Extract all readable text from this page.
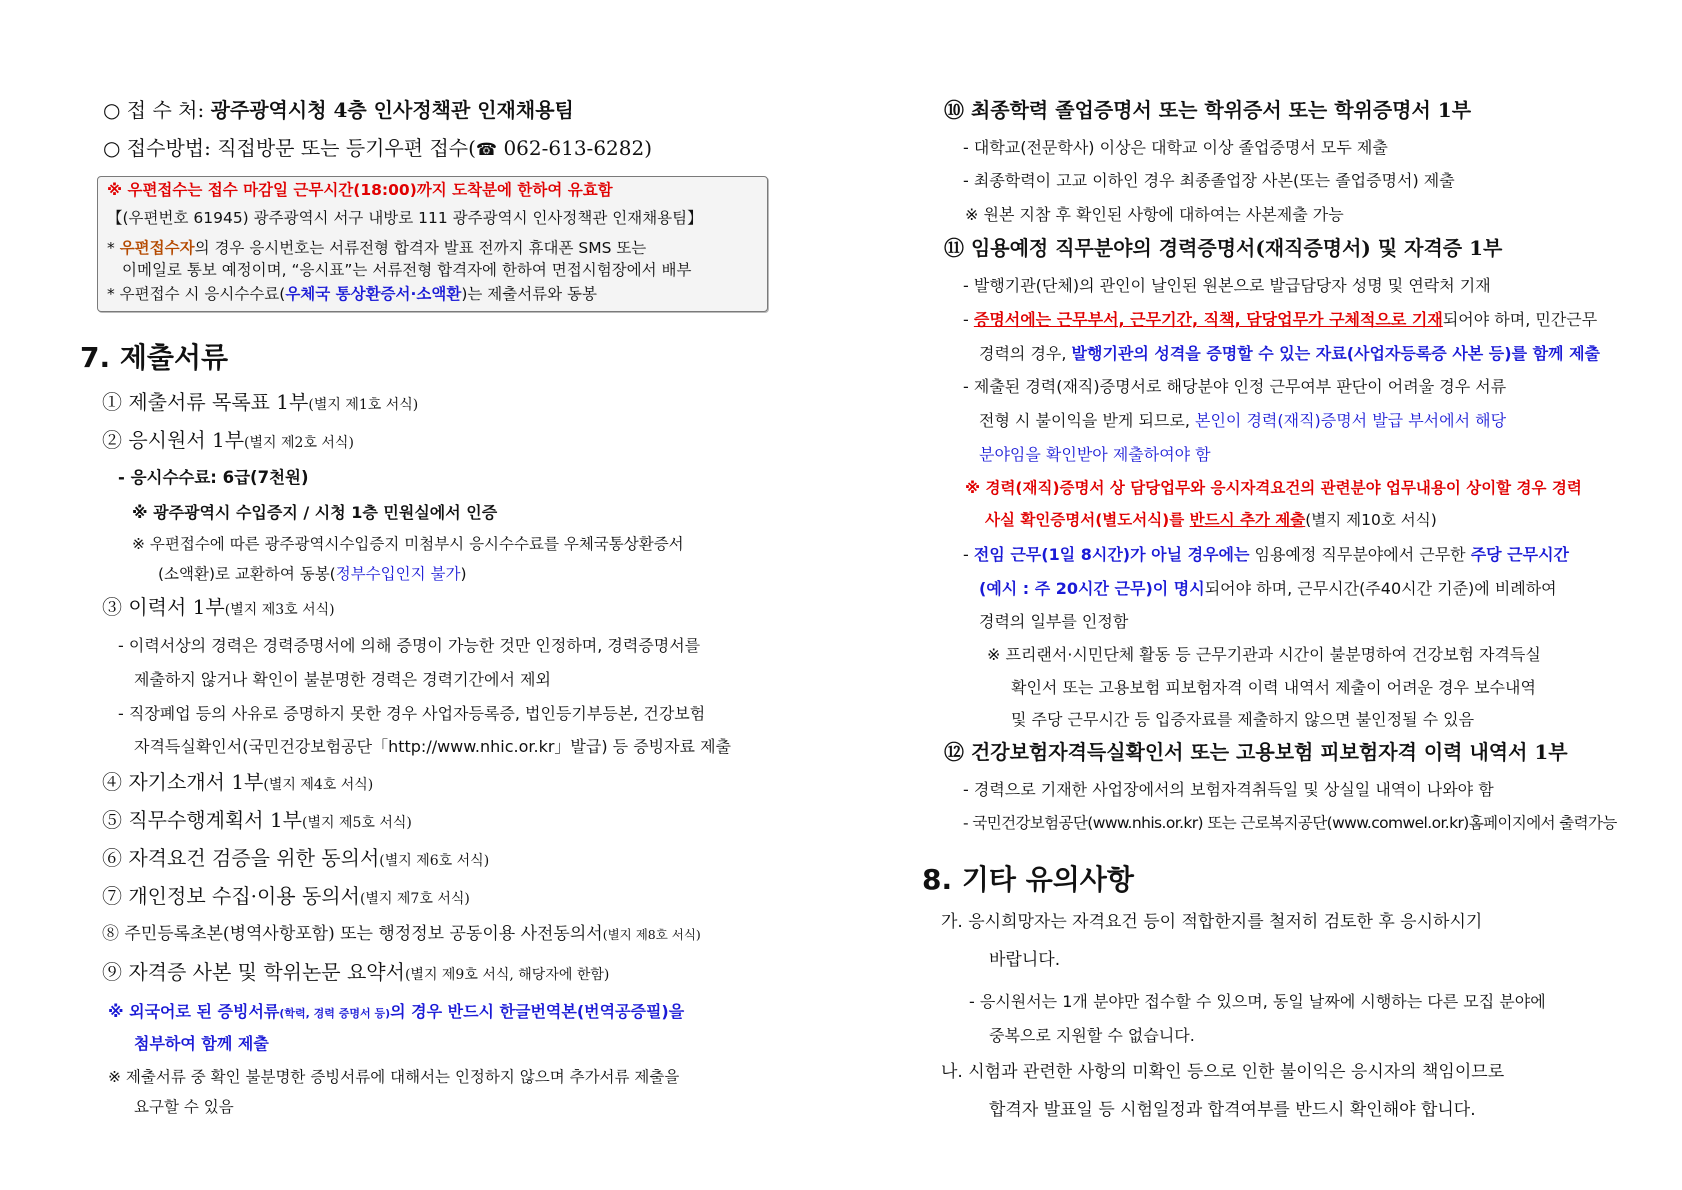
○ 접 수 처: 광주광역시청 4층 인사정책관 인재채용팀
○ 접수방법: 직접방문 또는 등기우편 접수(☎ 062-613-6282)
※ 우편접수는 접수 마감일 근무시간(18:00)까지 도착분에 한하여 유효함
【(우편번호 61945) 광주광역시 서구 내방로 111 광주광역시 인사정책관 인재채용팀】
* 우편접수자의 경우 응시번호는 서류전형 합격자 발표 전까지 휴대폰 SMS 또는
이메일로 통보 예정이며, “응시표”는 서류전형 합격자에 한하여 면접시험장에서 배부
* 우편접수 시 응시수수료(우체국 통상환증서·소액환)는 제출서류와 동봉
7. 제출서류
① 제출서류 목록표 1부(별지 제1호 서식)
② 응시원서 1부(별지 제2호 서식)
- 응시수수료: 6급(7천원)
※ 광주광역시 수입증지 / 시청 1층 민원실에서 인증
※ 우편접수에 따른 광주광역시수입증지 미첨부시 응시수수료를 우체국통상환증서
(소액환)로 교환하여 동봉(정부수입인지 불가)
③ 이력서 1부(별지 제3호 서식)
- 이력서상의 경력은 경력증명서에 의해 증명이 가능한 것만 인정하며, 경력증명서를
제출하지 않거나 확인이 불분명한 경력은 경력기간에서 제외
- 직장폐업 등의 사유로 증명하지 못한 경우 사업자등록증, 법인등기부등본, 건강보험
자격득실확인서(국민건강보험공단「http://www.nhic.or.kr」발급) 등 증빙자료 제출
④ 자기소개서 1부(별지 제4호 서식)
⑤ 직무수행계획서 1부(별지 제5호 서식)
⑥ 자격요건 검증을 위한 동의서(별지 제6호 서식)
⑦ 개인정보 수집·이용 동의서(별지 제7호 서식)
⑧ 주민등록초본(병역사항포함) 또는 행정정보 공동이용 사전동의서(별지 제8호 서식)
⑨ 자격증 사본 및 학위논문 요약서(별지 제9호 서식, 해당자에 한함)
※ 외국어로 된 증빙서류(학력, 경력 증명서 등)의 경우 반드시 한글번역본(번역공증필)을
첨부하여 함께 제출
※ 제출서류 중 확인 불분명한 증빙서류에 대해서는 인정하지 않으며 추가서류 제출을
요구할 수 있음
⑩ 최종학력 졸업증명서 또는 학위증서 또는 학위증명서 1부
- 대학교(전문학사) 이상은 대학교 이상 졸업증명서 모두 제출
- 최종학력이 고교 이하인 경우 최종졸업장 사본(또는 졸업증명서) 제출
※ 원본 지참 후 확인된 사항에 대하여는 사본제출 가능
⑪ 임용예정 직무분야의 경력증명서(재직증명서) 및 자격증 1부
- 발행기관(단체)의 관인이 날인된 원본으로 발급담당자 성명 및 연락처 기재
- 증명서에는 근무부서, 근무기간, 직책, 담당업무가 구체적으로 기재되어야 하며, 민간근무
경력의 경우, 발행기관의 성격을 증명할 수 있는 자료(사업자등록증 사본 등)를 함께 제출
- 제출된 경력(재직)증명서로 해당분야 인정 근무여부 판단이 어려울 경우 서류
전형 시 불이익을 받게 되므로, 본인이 경력(재직)증명서 발급 부서에서 해당
분야임을 확인받아 제출하여야 함
※ 경력(재직)증명서 상 담당업무와 응시자격요건의 관련분야 업무내용이 상이할 경우 경력
사실 확인증명서(별도서식)를 반드시 추가 제출(별지 제10호 서식)
- 전임 근무(1일 8시간)가 아닐 경우에는 임용예정 직무분야에서 근무한 주당 근무시간
(예시 : 주 20시간 근무)이 명시되어야 하며, 근무시간(주40시간 기준)에 비례하여
경력의 일부를 인정함
※ 프리랜서·시민단체 활동 등 근무기관과 시간이 불분명하여 건강보험 자격득실
확인서 또는 고용보험 피보험자격 이력 내역서 제출이 어려운 경우 보수내역
및 주당 근무시간 등 입증자료를 제출하지 않으면 불인정될 수 있음
⑫ 건강보험자격득실확인서 또는 고용보험 피보험자격 이력 내역서 1부
- 경력으로 기재한 사업장에서의 보험자격취득일 및 상실일 내역이 나와야 함
- 국민건강보험공단(www.nhis.or.kr) 또는 근로복지공단(www.comwel.or.kr)홈페이지에서 출력가능
8. 기타 유의사항
가. 응시희망자는 자격요건 등이 적합한지를 철저히 검토한 후 응시하시기
바랍니다.
- 응시원서는 1개 분야만 접수할 수 있으며, 동일 날짜에 시행하는 다른 모집 분야에
중복으로 지원할 수 없습니다.
나. 시험과 관련한 사항의 미확인 등으로 인한 불이익은 응시자의 책임이므로
합격자 발표일 등 시험일정과 합격여부를 반드시 확인해야 합니다.
